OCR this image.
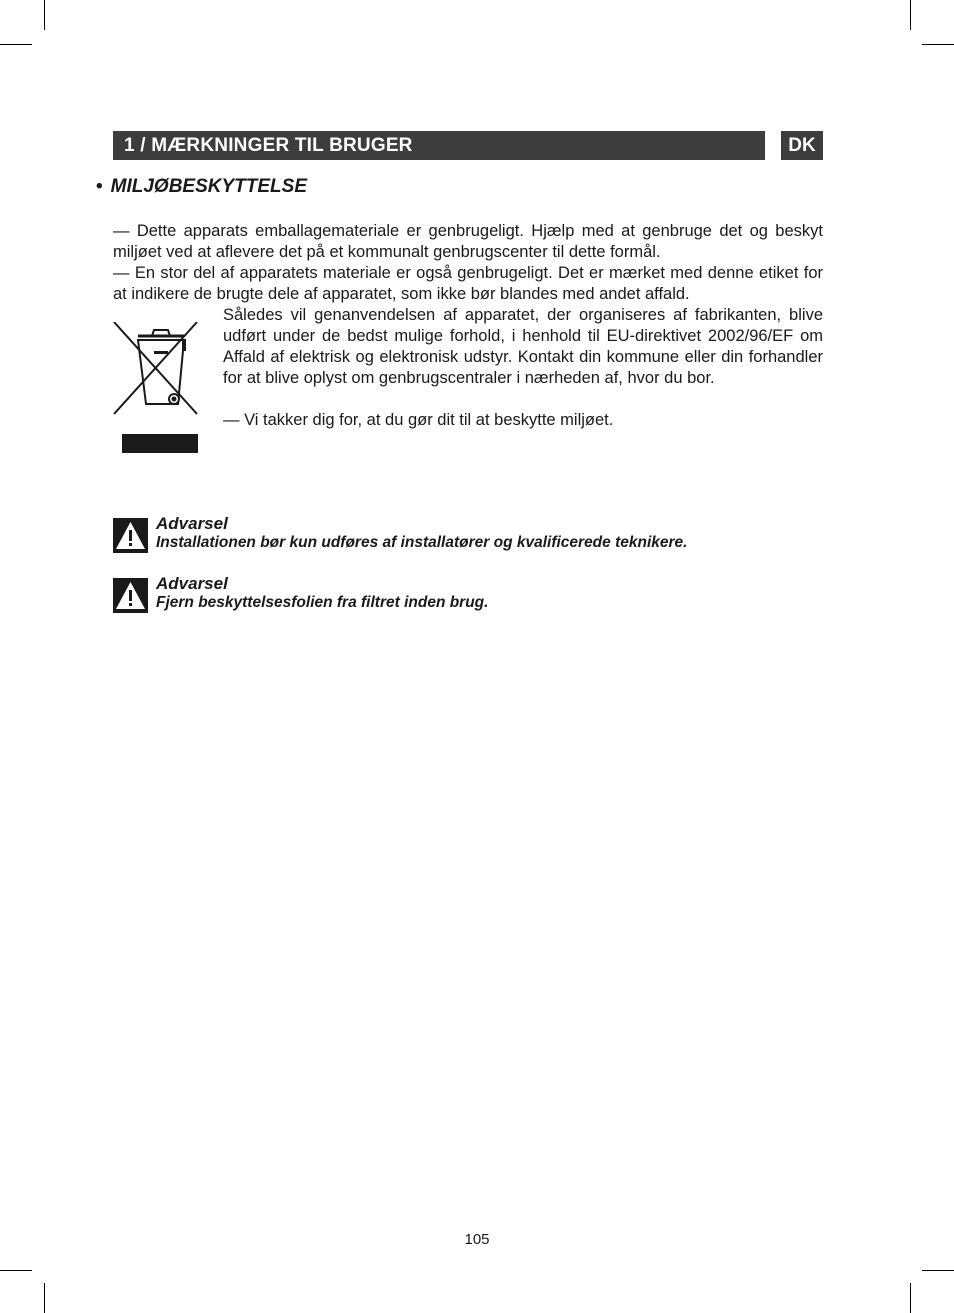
1 / MÆRKNINGER TIL BRUGER	DK
• MILJØBESKYTTELSE

— Dette apparats emballagemateriale er genbrugeligt. Hjælp med at genbruge det og beskyt miljøet ved at aflevere det på et kommunalt genbrugscenter til dette formål.

— En stor del af apparatets materiale er også genbrugeligt. Det er mærket med denne etiket for at indikere de brugte dele af apparatet, som ikke bør blandes med andet affald.

Således vil genanvendelsen af apparatet, der organiseres af fabrikanten, blive udført under de bedst mulige forhold, i henhold til EU-direktivet 2002/96/EF om Affald af elektrisk og elektronisk udstyr. Kontakt din kommune eller din forhandler for at blive oplyst om genbrugscentraler i nærheden af, hvor du bor.

— Vi takker dig for, at du gør dit til at beskytte miljøet.

Advarsel
Installationen bør kun udføres af installatører og kvalificerede teknikere.
Advarsel
Fjern beskyttelsesfolien fra filtret inden brug.
105
